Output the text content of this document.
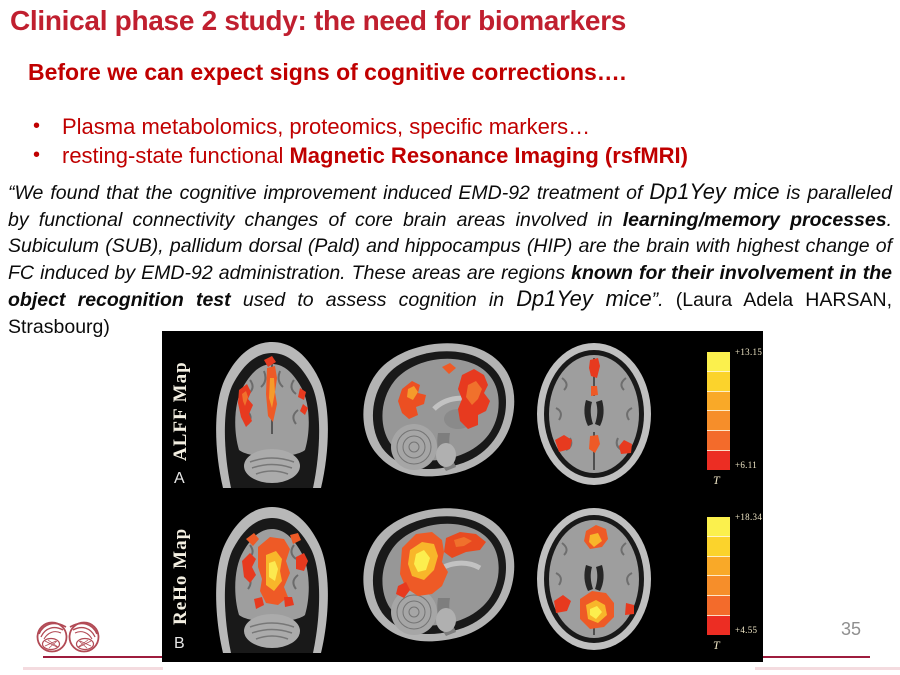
Clinical phase 2 study: the need for biomarkers
Before we can expect signs of cognitive corrections….
• Plasma metabolomics, proteomics, specific markers…
• resting-state functional Magnetic Resonance Imaging (rsfMRI)

“We found that the cognitive improvement induced EMD-92 treatment of Dp1Yey mice is paralleled by functional connectivity changes of core brain areas involved in learning/memory processes. Subiculum (SUB), pallidum dorsal (Pald) and hippocampus (HIP) are the brain with highest change of FC induced by EMD-92 administration. These areas are regions known for their involvement in the object recognition test used to assess cognition in Dp1Yey mice”. (Laura Adela HARSAN, Strasbourg)

ALFF Map
+13.15
+6.11
T
A
ReHo Map
+18.34
+4.55
T
B
35
